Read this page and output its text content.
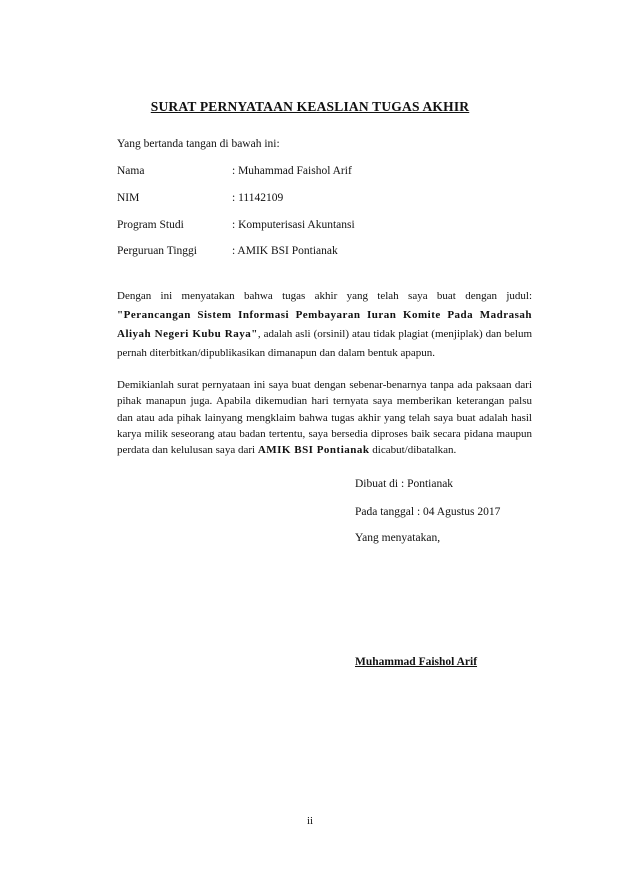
SURAT PERNYATAAN KEASLIAN TUGAS AKHIR
Yang bertanda tangan di bawah ini:
Nama	: Muhammad Faishol Arif
NIM	: 11142109
Program Studi	: Komputerisasi Akuntansi
Perguruan Tinggi	: AMIK BSI Pontianak
Dengan ini menyatakan bahwa tugas akhir yang telah saya buat dengan judul: "Perancangan Sistem Informasi Pembayaran Iuran Komite Pada Madrasah Aliyah Negeri Kubu Raya", adalah asli (orsinil) atau tidak plagiat (menjiplak) dan belum pernah diterbitkan/dipublikasikan dimanapun dan dalam bentuk apapun.
Demikianlah surat pernyataan ini saya buat dengan sebenar-benarnya tanpa ada paksaan dari pihak manapun juga. Apabila dikemudian hari ternyata saya memberikan keterangan palsu dan atau ada pihak lainyang mengklaim bahwa tugas akhir yang telah saya buat adalah hasil karya milik seseorang atau badan tertentu, saya bersedia diproses baik secara pidana maupun perdata dan kelulusan saya dari AMIK BSI Pontianak dicabut/dibatalkan.
Dibuat di : Pontianak
Pada tanggal : 04 Agustus 2017
Yang menyatakan,
Muhammad Faishol Arif
ii
